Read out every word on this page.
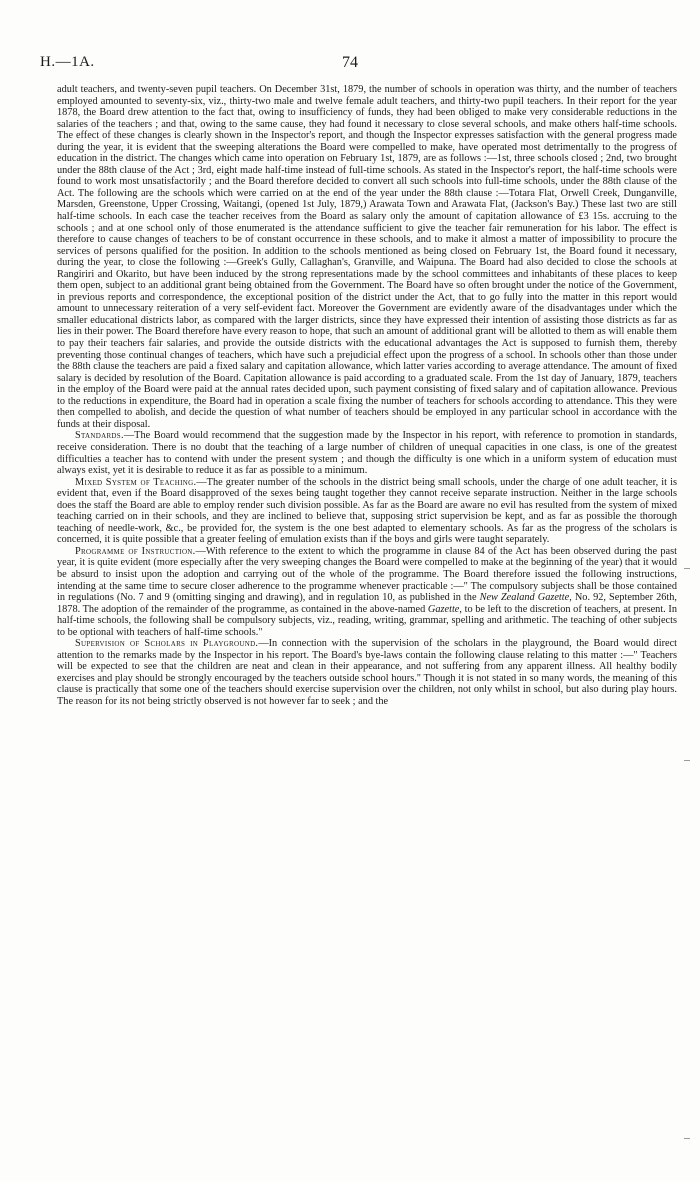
H.—1A.	74

adult teachers, and twenty-seven pupil teachers. On December 31st, 1879, the number of schools in operation was thirty, and the number of teachers employed amounted to seventy-six, viz., thirty-two male and twelve female adult teachers, and thirty-two pupil teachers. In their report for the year 1878, the Board drew attention to the fact that, owing to insufficiency of funds, they had been obliged to make very considerable reductions in the salaries of the teachers ; and that, owing to the same cause, they had found it necessary to close several schools, and make others half-time schools. The effect of these changes is clearly shown in the Inspector's report, and though the Inspector expresses satisfaction with the general progress made during the year, it is evident that the sweeping alterations the Board were compelled to make, have operated most detrimentally to the progress of education in the district. The changes which came into operation on February 1st, 1879, are as follows :—1st, three schools closed ; 2nd, two brought under the 88th clause of the Act ; 3rd, eight made half-time instead of full-time schools. As stated in the Inspector's report, the half-time schools were found to work most unsatisfactorily ; and the Board therefore decided to convert all such schools into full-time schools, under the 88th clause of the Act. The following are the schools which were carried on at the end of the year under the 88th clause :—Totara Flat, Orwell Creek, Dunganville, Marsden, Greenstone, Upper Crossing, Waitangi, (opened 1st July, 1879,) Arawata Town and Arawata Flat, (Jackson's Bay.) These last two are still half-time schools. In each case the teacher receives from the Board as salary only the amount of capitation allowance of £3 15s. accruing to the schools ; and at one school only of those enumerated is the attendance sufficient to give the teacher fair remuneration for his labor. The effect is therefore to cause changes of teachers to be of constant occurrence in these schools, and to make it almost a matter of impossibility to procure the services of persons qualified for the position. In addition to the schools mentioned as being closed on February 1st, the Board found it necessary, during the year, to close the following :—Greek's Gully, Callaghan's, Granville, and Waipuna. The Board had also decided to close the schools at Rangiriri and Okarito, but have been induced by the strong representations made by the school committees and inhabitants of these places to keep them open, subject to an additional grant being obtained from the Government. The Board have so often brought under the notice of the Government, in previous reports and correspondence, the exceptional position of the district under the Act, that to go fully into the matter in this report would amount to unnecessary reiteration of a very self-evident fact. Moreover the Government are evidently aware of the disadvantages under which the smaller educational districts labor, as compared with the larger districts, since they have expressed their intention of assisting those districts as far as lies in their power. The Board therefore have every reason to hope, that such an amount of additional grant will be allotted to them as will enable them to pay their teachers fair salaries, and provide the outside districts with the educational advantages the Act is supposed to furnish them, thereby preventing those continual changes of teachers, which have such a prejudicial effect upon the progress of a school. In schools other than those under the 88th clause the teachers are paid a fixed salary and capitation allowance, which latter varies according to average attendance. The amount of fixed salary is decided by resolution of the Board. Capitation allowance is paid according to a graduated scale. From the 1st day of January, 1879, teachers in the employ of the Board were paid at the annual rates decided upon, such payment consisting of fixed salary and of capitation allowance. Previous to the reductions in expenditure, the Board had in operation a scale fixing the number of teachers for schools according to attendance. This they were then compelled to abolish, and decide the question of what number of teachers should be employed in any particular school in accordance with the funds at their disposal.

Standards.—The Board would recommend that the suggestion made by the Inspector in his report, with reference to promotion in standards, receive consideration. There is no doubt that the teaching of a large number of children of unequal capacities in one class, is one of the greatest difficulties a teacher has to contend with under the present system ; and though the difficulty is one which in a uniform system of education must always exist, yet it is desirable to reduce it as far as possible to a minimum.

Mixed System of Teaching.—The greater number of the schools in the district being small schools, under the charge of one adult teacher, it is evident that, even if the Board disapproved of the sexes being taught together they cannot receive separate instruction. Neither in the large schools does the staff the Board are able to employ render such division possible. As far as the Board are aware no evil has resulted from the system of mixed teaching carried on in their schools, and they are inclined to believe that, supposing strict supervision be kept, and as far as possible the thorough teaching of needle-work, &c., be provided for, the system is the one best adapted to elementary schools. As far as the progress of the scholars is concerned, it is quite possible that a greater feeling of emulation exists than if the boys and girls were taught separately.

Programme of Instruction.—With reference to the extent to which the programme in clause 84 of the Act has been observed during the past year, it is quite evident (more especially after the very sweeping changes the Board were compelled to make at the beginning of the year) that it would be absurd to insist upon the adoption and carrying out of the whole of the programme. The Board therefore issued the following instructions, intending at the same time to secure closer adherence to the programme whenever practicable :—" The compulsory subjects shall be those contained in regulations (No. 7 and 9 (omitting singing and drawing), and in regulation 10, as published in the New Zealand Gazette, No. 92, September 26th, 1878. The adoption of the remainder of the programme, as contained in the above-named Gazette, to be left to the discretion of teachers, at present. In half-time schools, the following shall be compulsory subjects, viz., reading, writing, grammar, spelling and arithmetic. The teaching of other subjects to be optional with teachers of half-time schools."

Supervision of Scholars in Playground.—In connection with the supervision of the scholars in the playground, the Board would direct attention to the remarks made by the Inspector in his report. The Board's bye-laws contain the following clause relating to this matter :—" Teachers will be expected to see that the children are neat and clean in their appearance, and not suffering from any apparent illness. All healthy bodily exercises and play should be strongly encouraged by the teachers outside school hours." Though it is not stated in so many words, the meaning of this clause is practically that some one of the teachers should exercise supervision over the children, not only whilst in school, but also during play hours. The reason for its not being strictly observed is not however far to seek ; and the
